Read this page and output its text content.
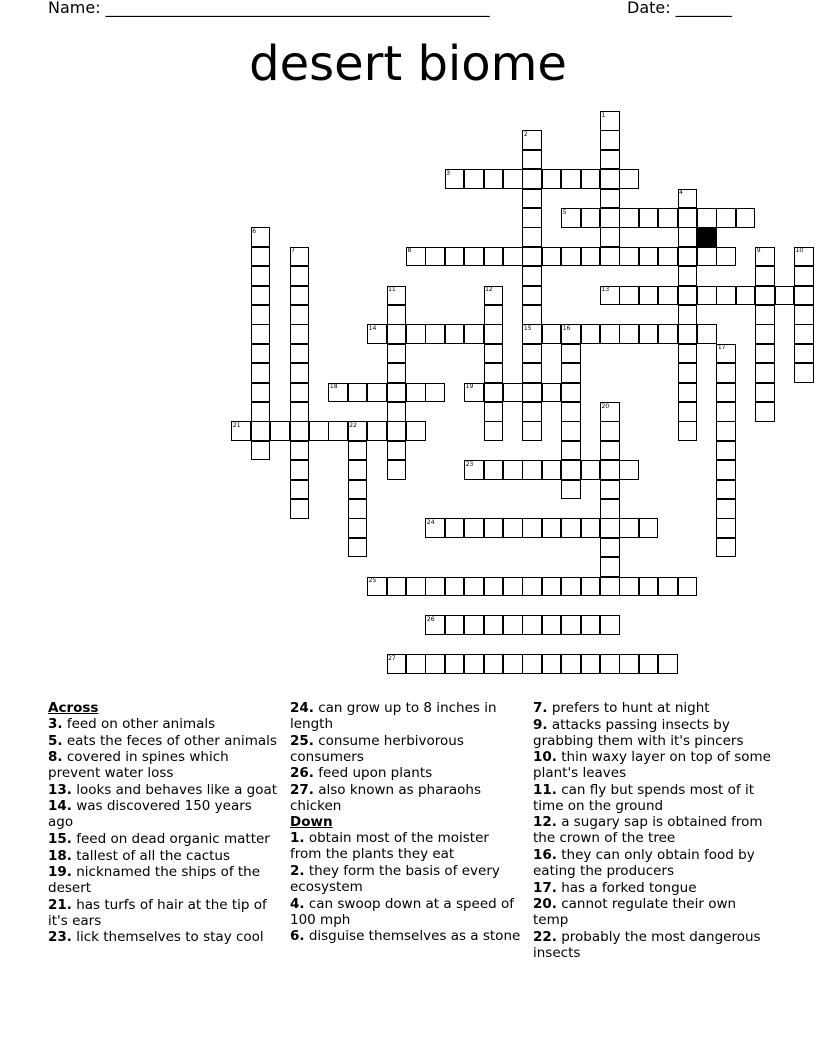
Name: ________________________________________________	Date: _______
desert biome
1
2
3
4
5
6
7	8	9	10
11	12	13
14	15	16
17
18	19
20
21	22
23
24
25
26
27
Across
3. feed on other animals
5. eats the feces of other animals
8. covered in spines which prevent water loss
13. looks and behaves like a goat
14. was discovered 150 years ago
15. feed on dead organic matter
18. tallest of all the cactus
19. nicknamed the ships of the desert
21. has turfs of hair at the tip of it's ears
23. lick themselves to stay cool
24. can grow up to 8 inches in length
25. consume herbivorous consumers
26. feed upon plants
27. also known as pharaohs chicken
Down
1. obtain most of the moister from the plants they eat
2. they form the basis of every ecosystem
4. can swoop down at a speed of 100 mph
6. disguise themselves as a stone
7. prefers to hunt at night
9. attacks passing insects by grabbing them with it's pincers
10. thin waxy layer on top of some plant's leaves
11. can fly but spends most of it time on the ground
12. a sugary sap is obtained from the crown of the tree
16. they can only obtain food by eating the producers
17. has a forked tongue
20. cannot regulate their own temp
22. probably the most dangerous insects
